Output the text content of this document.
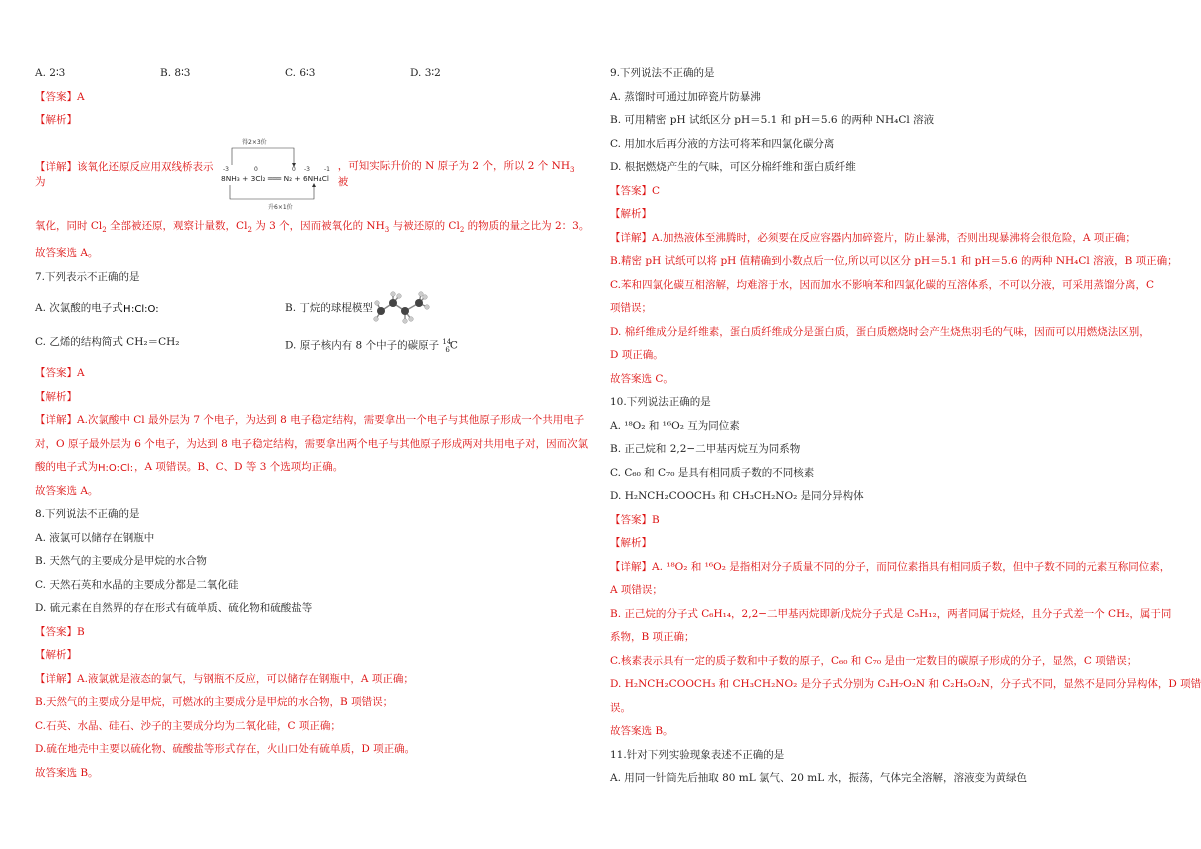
A. 2∶3	B. 8∶3	C. 6∶3	D. 3∶2
【答案】A
【解析】
【详解】该氧化还原反应用双线桥表示为
得2×3价
-3	0	0 -3 -1
8NH₃ + 3Cl₂ ═══ N₂ + 6NH₄Cl
升6×1价
，可知实际升价的 N 原子为 2 个，所以 2 个 $NH_3$ 被
氧化，同时 $Cl_2$ 全部被还原，观察计量数，$Cl_2$ 为 3 个，因而被氧化的 $NH_3$ 与被还原的 $Cl_2$ 的物质的量之比为 2：3。
故答案选 A。
7.下列表示不正确的是
A. 次氯酸的电子式 H :Cl:O:	B. 丁烷的球棍模型
C. 乙烯的结构简式 CH₂＝CH₂	D. 原子核内有 8 个中子的碳原子 $^{14}_6$C
【答案】A
【解析】
【详解】A.次氯酸中 Cl 最外层为 7 个电子，为达到 8 电子稳定结构，需要拿出一个电子与其他原子形成一个共用电子
对，O 原子最外层为 6 个电子，为达到 8 电子稳定结构，需要拿出两个电子与其他原子形成两对共用电子对，因而次氯
酸的电子式为 H:O:Cl: ，A 项错误。B、C、D 等 3 个选项均正确。
故答案选 A。
8.下列说法不正确的是
A. 液氯可以储存在钢瓶中
B. 天然气的主要成分是甲烷的水合物
C. 天然石英和水晶的主要成分都是二氧化硅
D. 硫元素在自然界的存在形式有硫单质、硫化物和硫酸盐等
【答案】B
【解析】
【详解】A.液氯就是液态的氯气，与钢瓶不反应，可以储存在钢瓶中，A 项正确；
B.天然气的主要成分是甲烷，可燃冰的主要成分是甲烷的水合物，B 项错误；
C.石英、水晶、硅石、沙子的主要成分均为二氧化硅，C 项正确；
D.硫在地壳中主要以硫化物、硫酸盐等形式存在，火山口处有硫单质，D 项正确。
故答案选 B。
9.下列说法不正确的是
A. 蒸馏时可通过加碎瓷片防暴沸
B. 可用精密 pH 试纸区分 pH＝5.1 和 pH＝5.6 的两种 NH₄Cl 溶液
C. 用加水后再分液的方法可将苯和四氯化碳分离
D. 根据燃烧产生的气味，可区分棉纤维和蛋白质纤维
【答案】C
【解析】
【详解】A.加热液体至沸腾时，必须要在反应容器内加碎瓷片，防止暴沸，否则出现暴沸将会很危险，A 项正确；
B.精密 pH 试纸可以将 pH 值精确到小数点后一位,所以可以区分 pH＝5.1 和 pH＝5.6 的两种 NH₄Cl 溶液，B 项正确；
C.苯和四氯化碳互相溶解，均难溶于水，因而加水不影响苯和四氯化碳的互溶体系，不可以分液，可采用蒸馏分离，C
项错误；
D. 棉纤维成分是纤维素，蛋白质纤维成分是蛋白质，蛋白质燃烧时会产生烧焦羽毛的气味，因而可以用燃烧法区别，
D 项正确。
故答案选 C。
10.下列说法正确的是
A. ¹⁸O₂ 和 ¹⁶O₂ 互为同位素
B. 正己烷和 2,2−二甲基丙烷互为同系物
C. C₆₀ 和 C₇₀ 是具有相同质子数的不同核素
D. H₂NCH₂COOCH₃ 和 CH₃CH₂NO₂ 是同分异构体
【答案】B
【解析】
【详解】A. ¹⁸O₂ 和 ¹⁶O₂ 是指相对分子质量不同的分子，而同位素指具有相同质子数，但中子数不同的元素互称同位素，
A 项错误；
B. 正己烷的分子式 C₆H₁₄，2,2−二甲基丙烷即新戊烷分子式是 C₅H₁₂，两者同属于烷烃，且分子式差一个 CH₂，属于同
系物，B 项正确；
C.核素表示具有一定的质子数和中子数的原子，C₆₀ 和 C₇₀ 是由一定数目的碳原子形成的分子，显然，C 项错误；
D. H₂NCH₂COOCH₃ 和 CH₃CH₂NO₂ 是分子式分别为 C₃H₇O₂N 和 C₂H₅O₂N，分子式不同，显然不是同分异构体，D 项错
误。
故答案选 B。
11.针对下列实验现象表述不正确的是
A. 用同一针筒先后抽取 80 mL 氯气、20 mL 水，振荡，气体完全溶解，溶液变为黄绿色
